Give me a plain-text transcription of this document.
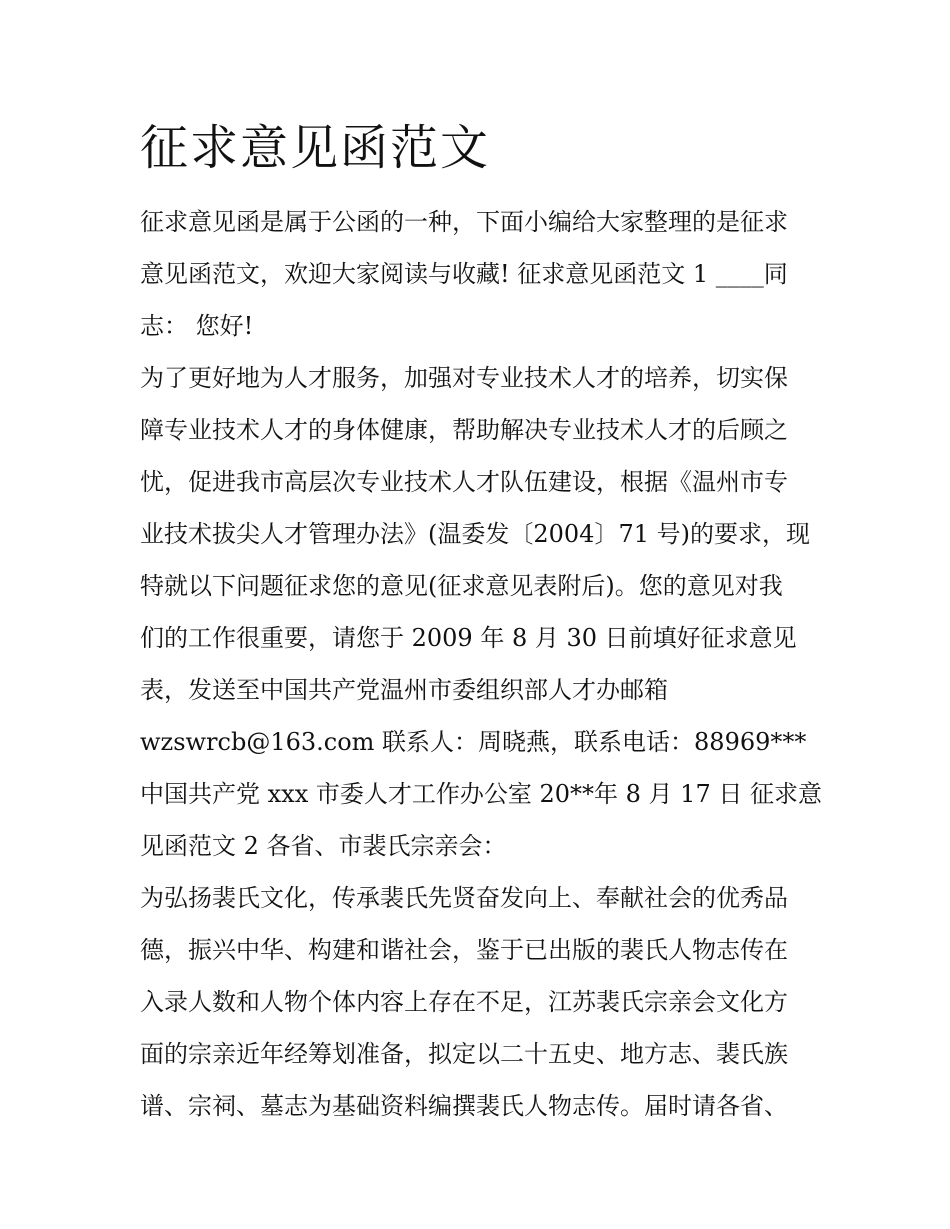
征求意见函范文
征求意见函是属于公函的一种，下面小编给大家整理的是征求
意见函范文，欢迎大家阅读与收藏! 征求意见函范文 1 ____同
志： 您好!
为了更好地为人才服务，加强对专业技术人才的培养，切实保
障专业技术人才的身体健康，帮助解决专业技术人才的后顾之
忧，促进我市高层次专业技术人才队伍建设，根据《温州市专
业技术拔尖人才管理办法》(温委发〔2004〕71 号)的要求，现
特就以下问题征求您的意见(征求意见表附后)。您的意见对我
们的工作很重要，请您于 2009 年 8 月 30 日前填好征求意见
表，发送至中国共产党温州市委组织部人才办邮箱
wzswrcb@163.com 联系人：周晓燕，联系电话：88969***
中国共产党 xxx 市委人才工作办公室 20**年 8 月 17 日 征求意
见函范文 2 各省、市裴氏宗亲会：
为弘扬裴氏文化，传承裴氏先贤奋发向上、奉献社会的优秀品
德，振兴中华、构建和谐社会，鉴于已出版的裴氏人物志传在
入录人数和人物个体内容上存在不足，江苏裴氏宗亲会文化方
面的宗亲近年经筹划准备，拟定以二十五史、地方志、裴氏族
谱、宗祠、墓志为基础资料编撰裴氏人物志传。届时请各省、
